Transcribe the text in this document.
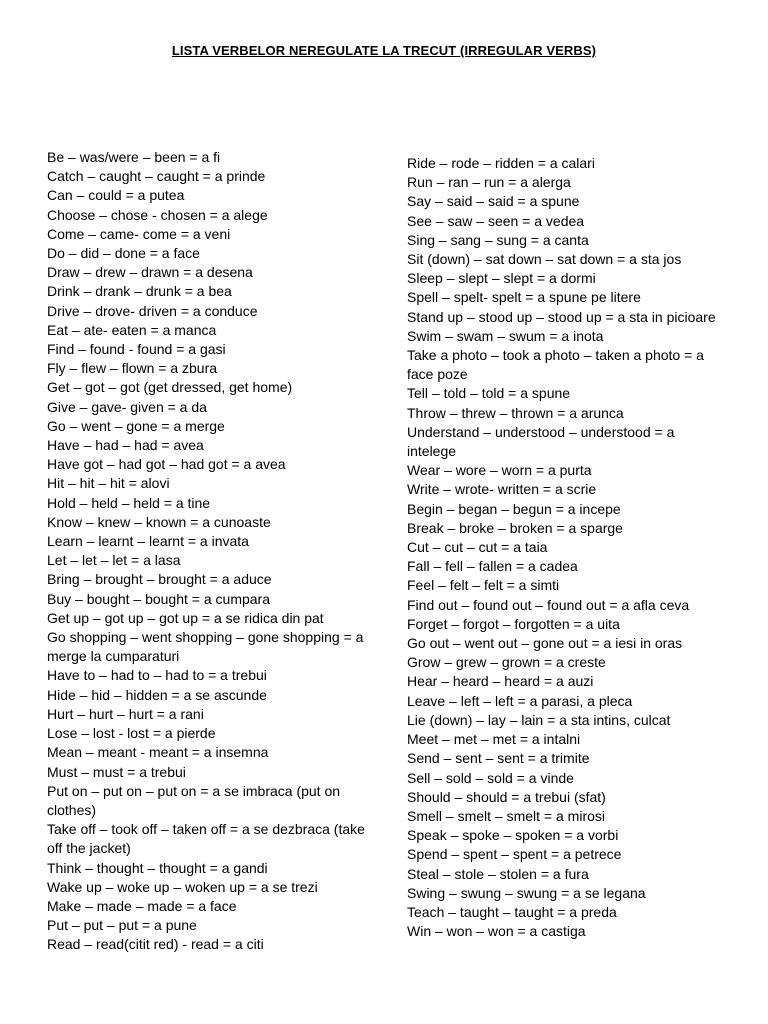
LISTA VERBELOR NEREGULATE LA TRECUT (IRREGULAR VERBS)
Be – was/were – been = a fi
Catch – caught – caught = a prinde
Can – could = a putea
Choose – chose - chosen = a alege
Come – came- come = a veni
Do – did – done = a face
Draw – drew – drawn = a desena
Drink – drank – drunk = a bea
Drive – drove- driven = a conduce
Eat – ate- eaten = a manca
Find – found - found = a gasi
Fly – flew – flown = a zbura
Get – got – got (get dressed, get home)
Give – gave- given = a da
Go – went – gone = a merge
Have – had – had = avea
Have got – had got – had got = a avea
Hit – hit – hit = alovi
Hold – held – held = a tine
Know – knew – known = a cunoaste
Learn – learnt – learnt = a invata
Let – let – let = a lasa
Bring – brought – brought = a aduce
Buy – bought – bought = a cumpara
Get up – got up – got up = a se ridica din pat
Go shopping – went shopping – gone shopping = a merge la cumparaturi
Have to – had to – had to = a trebui
Hide – hid – hidden = a se ascunde
Hurt – hurt – hurt = a rani
Lose – lost - lost = a pierde
Mean – meant - meant = a insemna
Must – must = a trebui
Put on – put on – put on = a se imbraca (put on clothes)
Take off – took off – taken off = a se dezbraca (take off the jacket)
Think – thought – thought = a gandi
Wake up – woke up – woken up = a se trezi
Make – made – made = a face
Put – put – put = a pune
Read – read(citit red) - read = a citi
Ride – rode – ridden = a calari
Run – ran – run = a alerga
Say – said – said = a spune
See – saw – seen = a vedea
Sing – sang – sung = a canta
Sit (down) – sat down – sat down = a sta jos
Sleep – slept – slept = a dormi
Spell – spelt- spelt = a spune pe litere
Stand up – stood up – stood up = a sta in picioare
Swim – swam – swum = a inota
Take a photo – took a photo – taken a photo = a face poze
Tell – told – told = a spune
Throw – threw – thrown = a arunca
Understand – understood – understood = a intelege
Wear – wore – worn = a purta
Write – wrote- written = a scrie
Begin – began – begun = a incepe
Break – broke – broken = a sparge
Cut – cut – cut = a taia
Fall – fell – fallen = a cadea
Feel – felt – felt = a simti
Find out – found out – found out = a afla ceva
Forget – forgot – forgotten = a uita
Go out – went out – gone out = a iesi in oras
Grow – grew – grown = a creste
Hear – heard – heard = a auzi
Leave – left – left = a parasi, a pleca
Lie (down) – lay – lain = a sta intins, culcat
Meet – met – met = a intalni
Send – sent – sent = a trimite
Sell – sold – sold = a vinde
Should – should = a trebui (sfat)
Smell – smelt – smelt = a mirosi
Speak – spoke – spoken = a vorbi
Spend – spent – spent = a petrece
Steal – stole – stolen = a fura
Swing – swung – swung = a se legana
Teach – taught – taught = a preda
Win – won – won = a castiga
